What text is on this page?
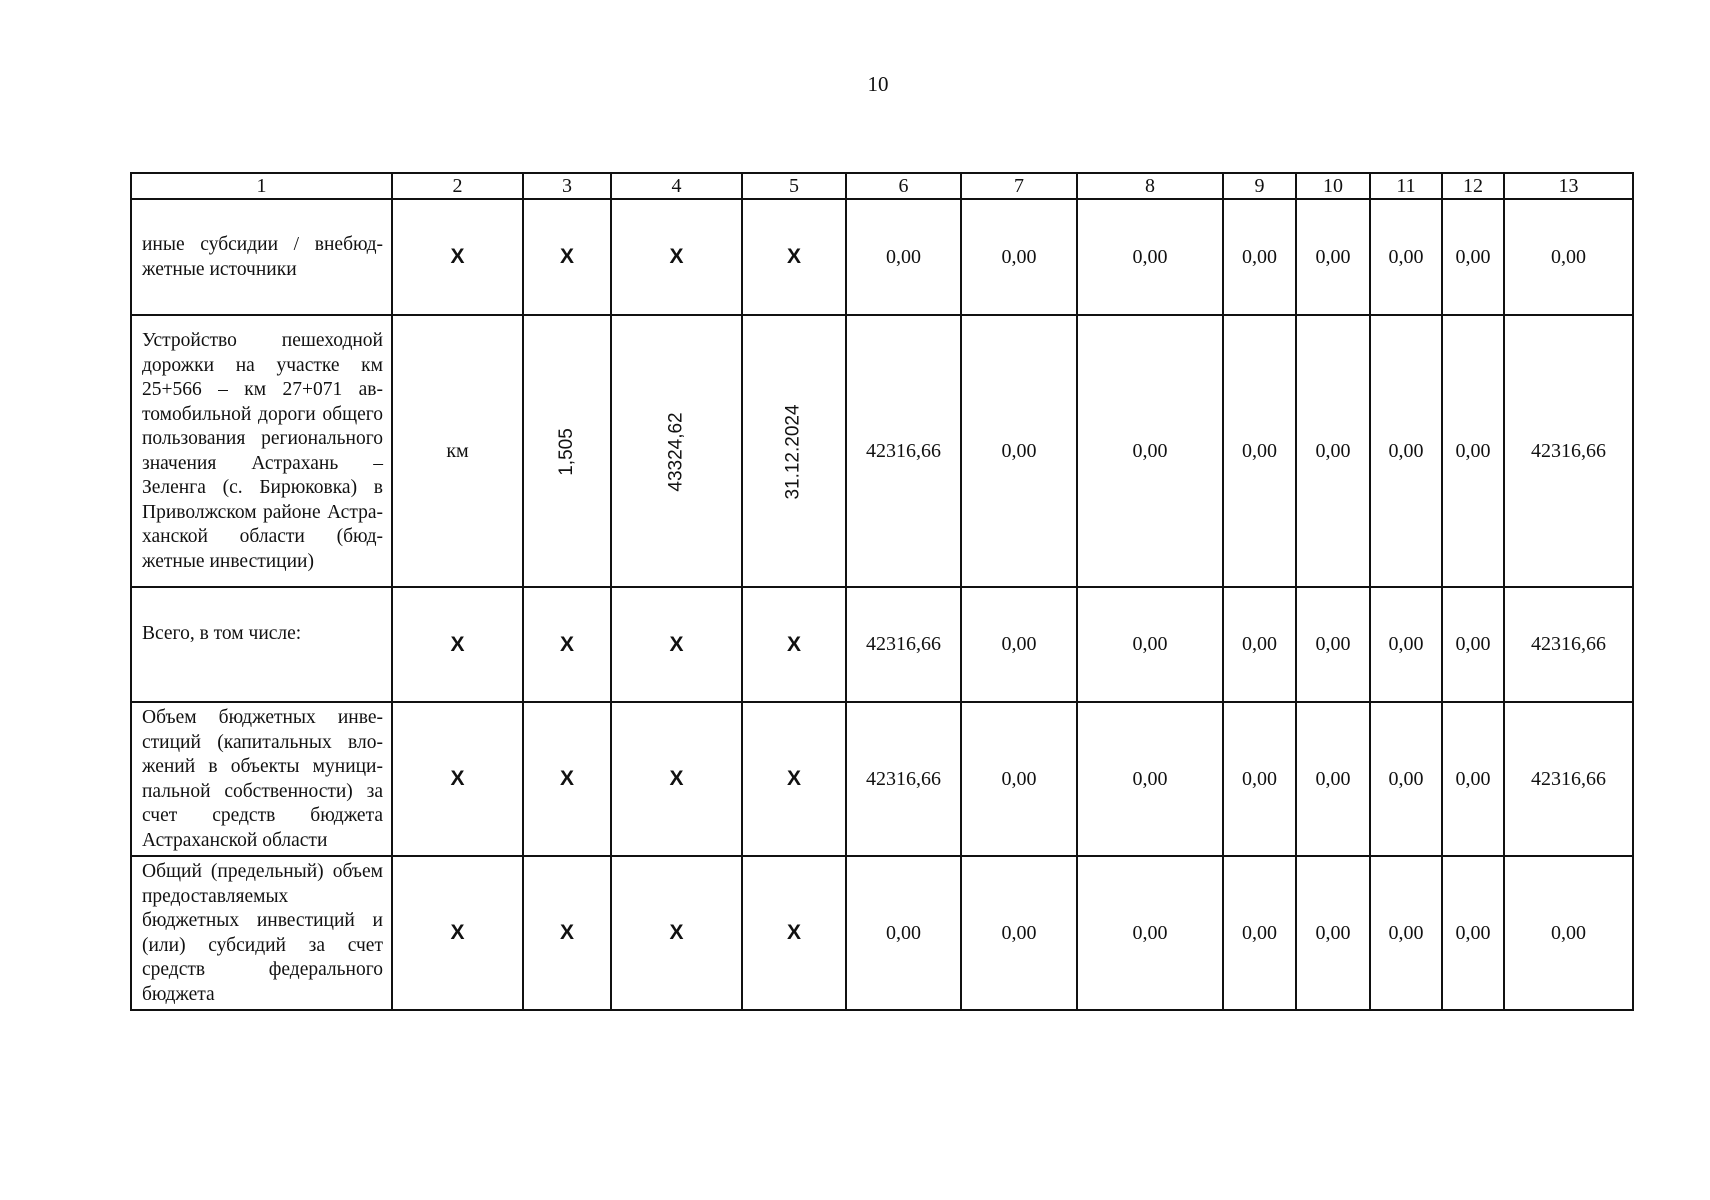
10
1	2	3	4	5	6	7	8	9	10	11	12	13
иные субсидии / внебюджетные источники	X	X	X	X	0,00	0,00	0,00	0,00	0,00	0,00	0,00	0,00
Устройство пешеходной дорожки на участке км 25+566 – км 27+071 автомобильной дороги общего пользования регионального значения Астрахань – Зеленга (с. Бирюковка) в Приволжском районе Астраханской области (бюджетные инвестиции)	км	1,505	43324,62	31.12.2024	42316,66	0,00	0,00	0,00	0,00	0,00	0,00	42316,66
Всего, в том числе:	X	X	X	X	42316,66	0,00	0,00	0,00	0,00	0,00	0,00	42316,66
Объем бюджетных инвестиций (капитальных вложений в объекты муниципальной собственности) за счет средств бюджета Астраханской области	X	X	X	X	42316,66	0,00	0,00	0,00	0,00	0,00	0,00	42316,66
Общий (предельный) объем предоставляемых бюджетных инвестиций и (или) субсидий за счет средств федерального бюджета	X	X	X	X	0,00	0,00	0,00	0,00	0,00	0,00	0,00	0,00
